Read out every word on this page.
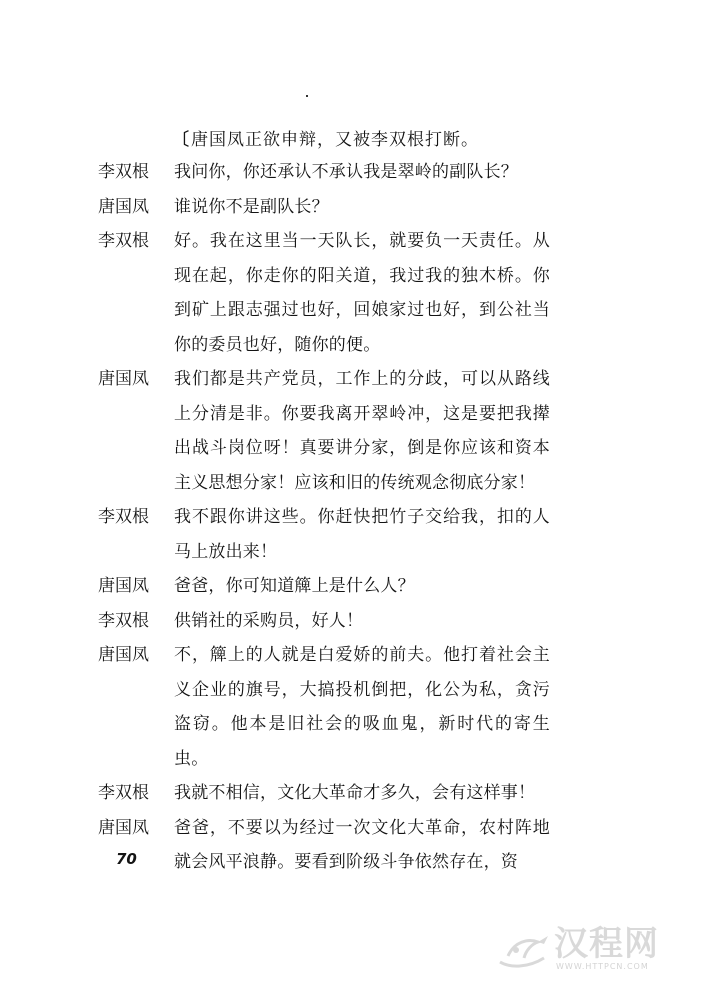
〔唐国凤正欲申辩，又被李双根打断。
李双根	我问你，你还承认不承认我是翠岭的副队长？
唐国凤	谁说你不是副队长？
李双根	好。我在这里当一天队长，就要负一天责任。从现在起，你走你的阳关道，我过我的独木桥。你到矿上跟志强过也好，回娘家过也好，到公社当你的委员也好，随你的便。
唐国凤	我们都是共产党员，工作上的分歧，可以从路线上分清是非。你要我离开翠岭冲，这是要把我撵出战斗岗位呀！真要讲分家，倒是你应该和资本主义思想分家！应该和旧的传统观念彻底分家！
李双根	我不跟你讲这些。你赶快把竹子交给我，扣的人马上放出来！
唐国凤	爸爸，你可知道簰上是什么人？
李双根	供销社的采购员，好人！
唐国凤	不，簰上的人就是白爱娇的前夫。他打着社会主义企业的旗号，大搞投机倒把，化公为私，贪污盗窃。他本是旧社会的吸血鬼，新时代的寄生虫。
李双根	我就不相信，文化大革命才多久，会有这样事！
唐国凤	爸爸，不要以为经过一次文化大革命，农村阵地就会风平浪静。要看到阶级斗争依然存在，资
70
汉程网
WWW.HTTPCN.COM
